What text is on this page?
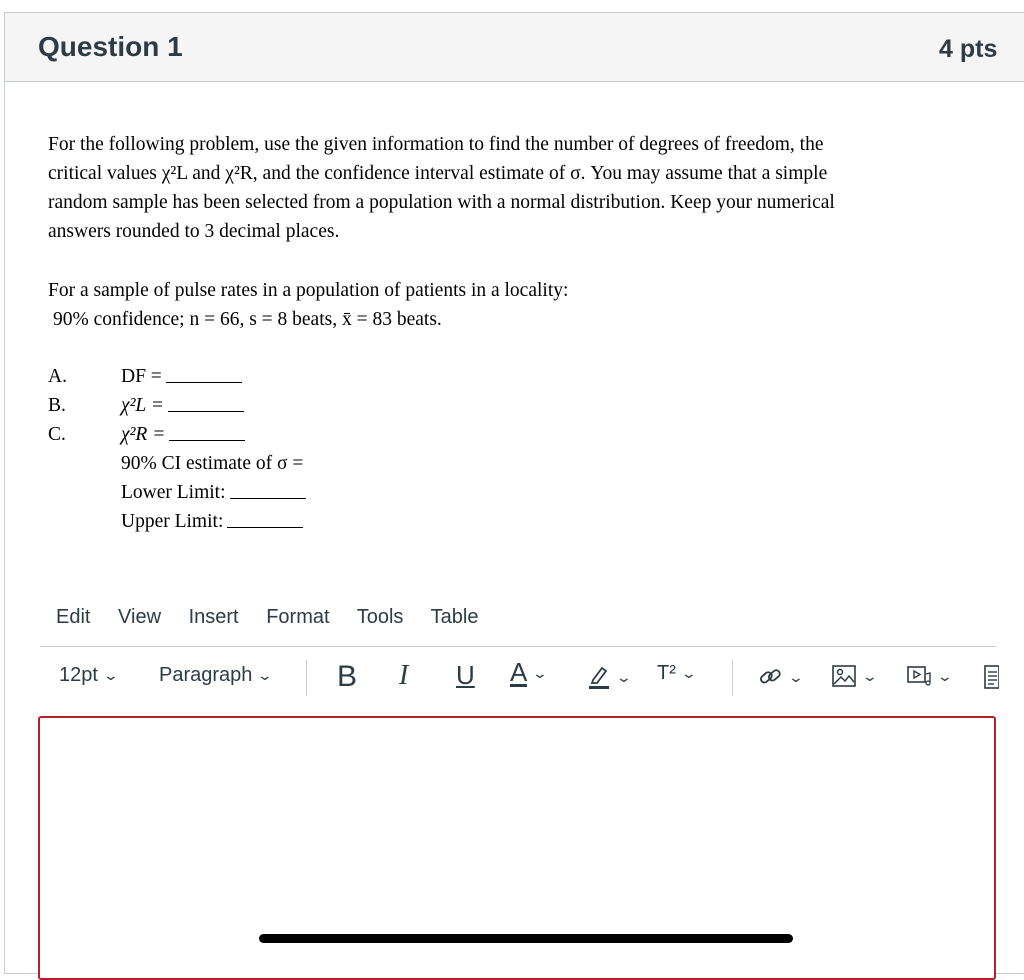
Question 1	4 pts
For the following problem, use the given information to find the number of degrees of freedom, the
critical values χ²L and χ²R, and the confidence interval estimate of σ. You may assume that a simple
random sample has been selected from a population with a normal distribution. Keep your numerical
answers rounded to 3 decimal places.
For a sample of pulse rates in a population of patients in a locality:
90% confidence; n = 66, s = 8 beats, x̄ = 83 beats.
A.	DF =
B.	χ²L =
C.	χ²R =
90% CI estimate of σ =
Lower Limit:
Upper Limit:
Edit View Insert Format Tools Table
12pt ⌄ Paragraph ⌄ B I U A ⌄	⌄ T² ⌄	⌄	⌄	⌄
